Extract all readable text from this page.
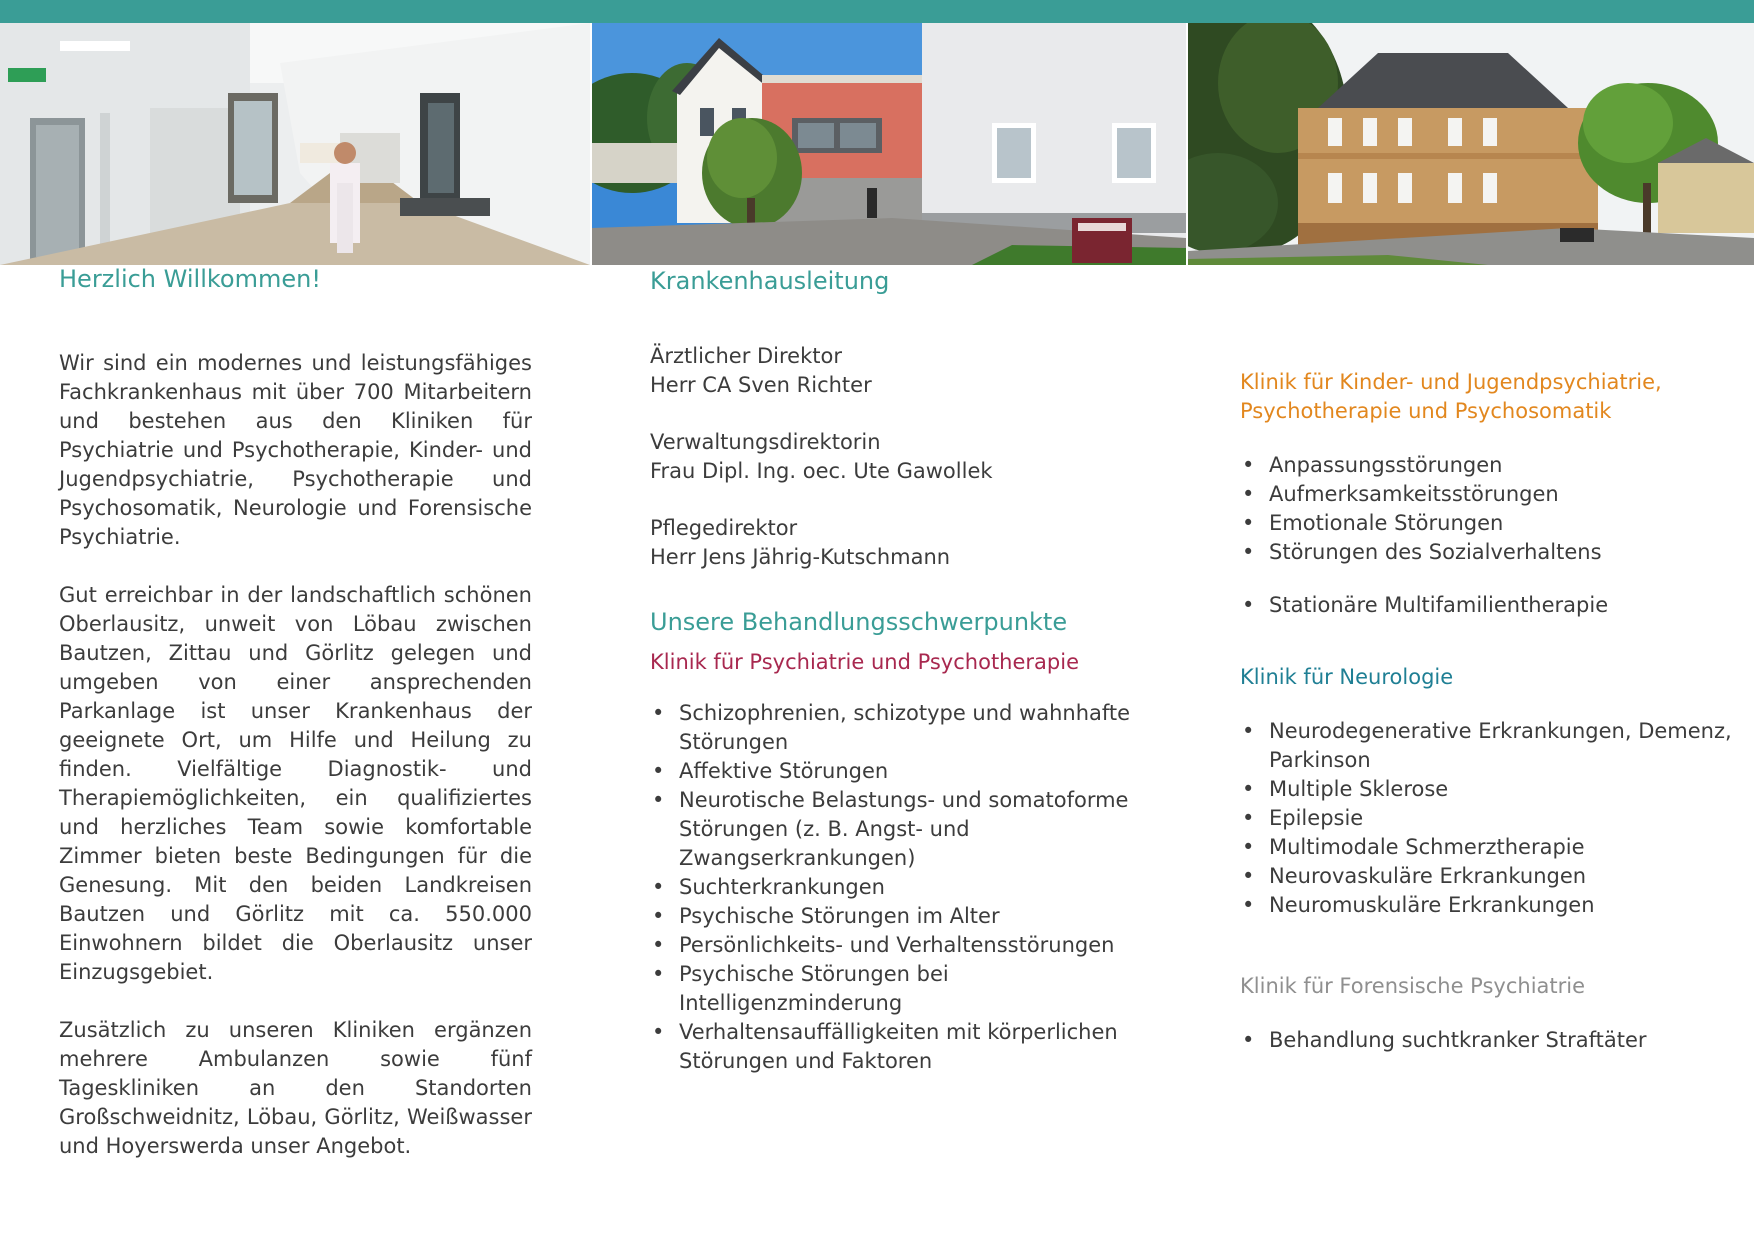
Herzlich Willkommen!

Wir sind ein modernes und leistungsfähiges Fachkrankenhaus mit über 700 Mitarbeitern und bestehen aus den Kliniken für Psychiatrie und Psychotherapie, Kinder- und Jugendpsychiatrie, Psychotherapie und Psychosomatik, Neurologie und Forensische Psychiatrie.

Gut erreichbar in der landschaftlich schönen Oberlausitz, unweit von Löbau zwischen Bautzen, Zittau und Görlitz gelegen und umgeben von einer ansprechenden Parkanlage ist unser Krankenhaus der geeignete Ort, um Hilfe und Heilung zu finden. Vielfältige Diagnostik- und Therapiemöglichkeiten, ein qualifiziertes und herzliches Team sowie komfortable Zimmer bieten beste Bedingungen für die Genesung. Mit den beiden Landkreisen Bautzen und Görlitz mit ca. 550.000 Einwohnern bildet die Oberlausitz unser Einzugsgebiet.

Zusätzlich zu unseren Kliniken ergänzen mehrere Ambulanzen sowie fünf Tageskliniken an den Standorten Großschweidnitz, Löbau, Görlitz, Weißwasser und Hoyerswerda unser Angebot.

Krankenhausleitung

Ärztlicher Direktor

Herr CA Sven Richter

Verwaltungsdirektorin

Frau Dipl. Ing. oec. Ute Gawollek

Pflegedirektor

Herr Jens Jährig-Kutschmann

Unsere Behandlungsschwerpunkte
Klinik für Psychiatrie und Psychotherapie
• Schizophrenien, schizotype und wahnhafte Störungen
• Affektive Störungen
• Neurotische Belastungs- und somatoforme Störungen (z. B. Angst- und Zwangserkrankungen)
• Suchterkrankungen
• Psychische Störungen im Alter
• Persönlichkeits- und Verhaltensstörungen
• Psychische Störungen bei Intelligenzminderung
• Verhaltensauffälligkeiten mit körperlichen Störungen und Faktoren
Klinik für Kinder- und Jugendpsychiatrie, Psychotherapie und Psychosomatik
• Anpassungsstörungen
• Aufmerksamkeitsstörungen
• Emotionale Störungen
• Störungen des Sozialverhaltens
• Stationäre Multifamilientherapie
Klinik für Neurologie
• Neurodegenerative Erkrankungen, Demenz, Parkinson
• Multiple Sklerose
• Epilepsie
• Multimodale Schmerztherapie
• Neurovaskuläre Erkrankungen
• Neuromuskuläre Erkrankungen
Klinik für Forensische Psychiatrie
• Behandlung suchtkranker Straftäter
